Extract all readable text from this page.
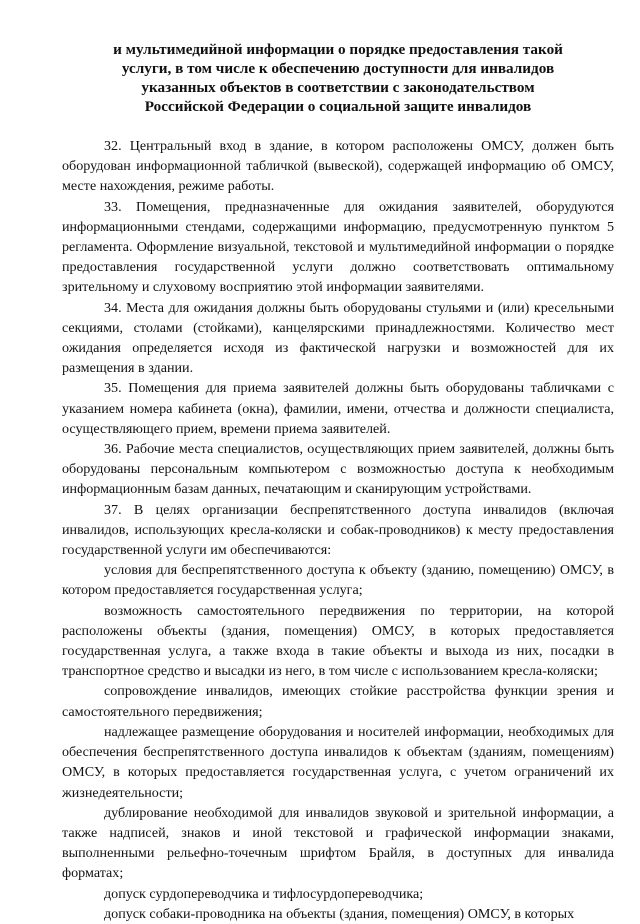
и мультимедийной информации о порядке предоставления такой
услуги, в том числе к обеспечению доступности для инвалидов
указанных объектов в соответствии с законодательством
Российской Федерации о социальной защите инвалидов

32. Центральный вход в здание, в котором расположены ОМСУ, должен быть оборудован информационной табличкой (вывеской), содержащей информацию об ОМСУ, месте нахождения, режиме работы.

33. Помещения, предназначенные для ожидания заявителей, оборудуются информационными стендами, содержащими информацию, предусмотренную пунктом 5 регламента. Оформление визуальной, текстовой и мультимедийной информации о порядке предоставления государственной услуги должно соответствовать оптимальному зрительному и слуховому восприятию этой информации заявителями.

34. Места для ожидания должны быть оборудованы стульями и (или) кресельными секциями, столами (стойками), канцелярскими принадлежностями. Количество мест ожидания определяется исходя из фактической нагрузки и возможностей для их размещения в здании.

35. Помещения для приема заявителей должны быть оборудованы табличками с указанием номера кабинета (окна), фамилии, имени, отчества и должности специалиста, осуществляющего прием, времени приема заявителей.

36. Рабочие места специалистов, осуществляющих прием заявителей, должны быть оборудованы персональным компьютером с возможностью доступа к необходимым информационным базам данных, печатающим и сканирующим устройствами.

37. В целях организации беспрепятственного доступа инвалидов (включая инвалидов, использующих кресла-коляски и собак-проводников) к месту предоставления государственной услуги им обеспечиваются:

условия для беспрепятственного доступа к объекту (зданию, помещению) ОМСУ, в котором предоставляется государственная услуга;

возможность самостоятельного передвижения по территории, на которой расположены объекты (здания, помещения) ОМСУ, в которых предоставляется государственная услуга, а также входа в такие объекты и выхода из них, посадки в транспортное средство и высадки из него, в том числе с использованием кресла-коляски;

сопровождение инвалидов, имеющих стойкие расстройства функции зрения и самостоятельного передвижения;

надлежащее размещение оборудования и носителей информации, необходимых для обеспечения беспрепятственного доступа инвалидов к объектам (зданиям, помещениям) ОМСУ, в которых предоставляется государственная услуга, с учетом ограничений их жизнедеятельности;

дублирование необходимой для инвалидов звуковой и зрительной информации, а также надписей, знаков и иной текстовой и графической информации знаками, выполненными рельефно-точечным шрифтом Брайля, в доступных для инвалида форматах;

допуск сурдопереводчика и тифлосурдопереводчика;

допуск собаки-проводника на объекты (здания, помещения) ОМСУ, в которых
